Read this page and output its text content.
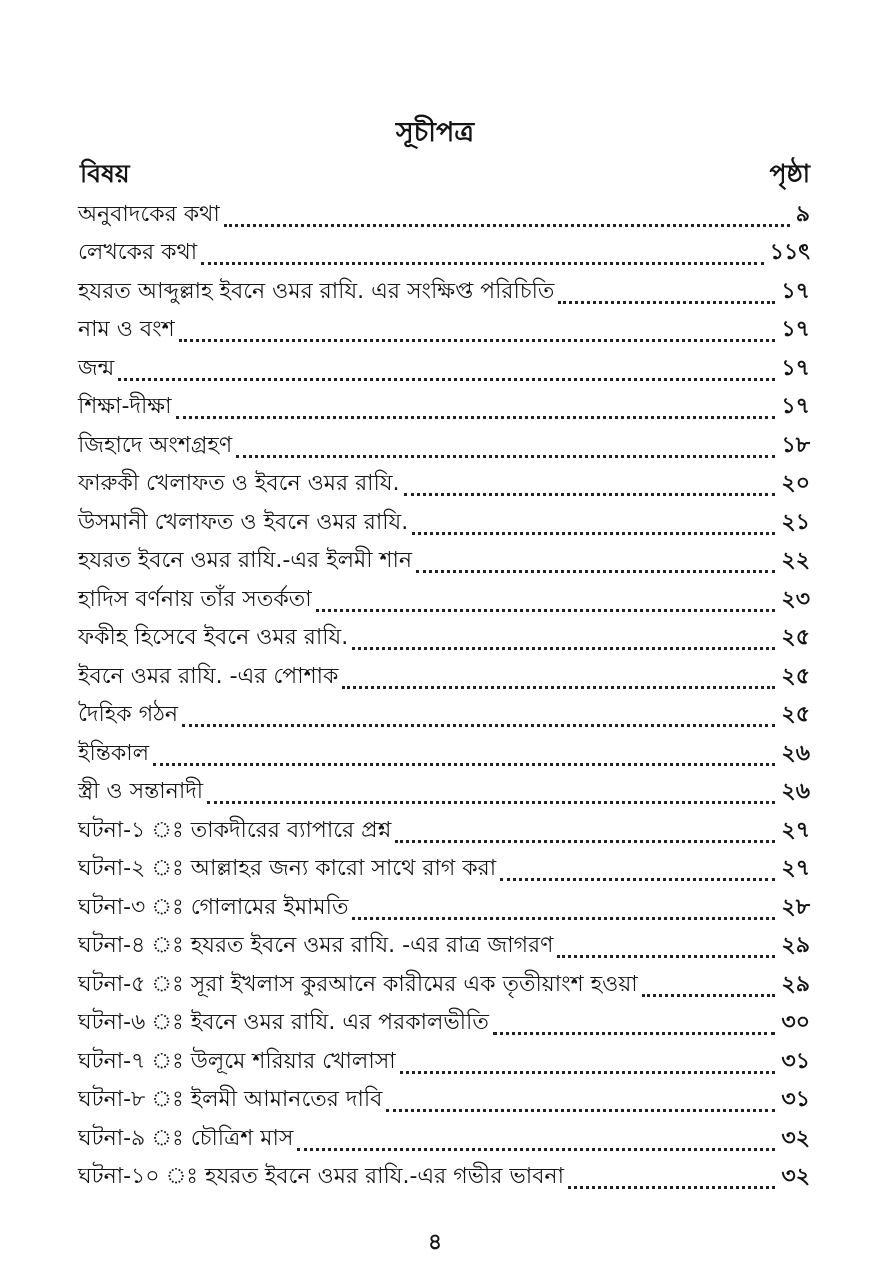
সূচীপত্র
বিষয়	পৃষ্ঠা
অনুবাদকের কথা	৯
লেখকের কথা	১১ৎ
হযরত আব্দুল্লাহ ইবনে ওমর রাযি. এর সংক্ষিপ্ত পরিচিতি	১৭
নাম ও বংশ	১৭
জন্ম	১৭
শিক্ষা-দীক্ষা	১৭
জিহাদে অংশগ্রহণ	১৮
ফারুকী খেলাফত ও ইবনে ওমর রাযি.	২০
উসমানী খেলাফত ও ইবনে ওমর রাযি.	২১
হযরত ইবনে ওমর রাযি.-এর ইলমী শান	২২
হাদিস বর্ণনায় তাঁর সতর্কতা	২৩
ফকীহ হিসেবে ইবনে ওমর রাযি.	২৫
ইবনে ওমর রাযি. -এর পোশাক	২৫
দৈহিক গঠন	২৫
ইন্তিকাল	২৬
স্ত্রী ও সন্তানাদী	২৬
ঘটনা-১ ঃ তাকদীরের ব্যাপারে প্রশ্ন	২৭
ঘটনা-২ ঃ আল্লাহর জন্য কারো সাথে রাগ করা	২৭
ঘটনা-৩ ঃ গোলামের ইমামতি	২৮
ঘটনা-৪ ঃ হযরত ইবনে ওমর রাযি. -এর রাত্র জাগরণ	২৯
ঘটনা-৫ ঃ সূরা ইখলাস কুরআনে কারীমের এক তৃতীয়াংশ হওয়া	২৯
ঘটনা-৬ ঃ ইবনে ওমর রাযি. এর পরকালভীতি	৩০
ঘটনা-৭ ঃ উলূমে শরিয়ার খোলাসা	৩১
ঘটনা-৮ ঃ ইলমী আমানতের দাবি	৩১
ঘটনা-৯ ঃ চৌত্রিশ মাস	৩২
ঘটনা-১০ ঃ হযরত ইবনে ওমর রাযি.-এর গভীর ভাবনা	৩২
৪
